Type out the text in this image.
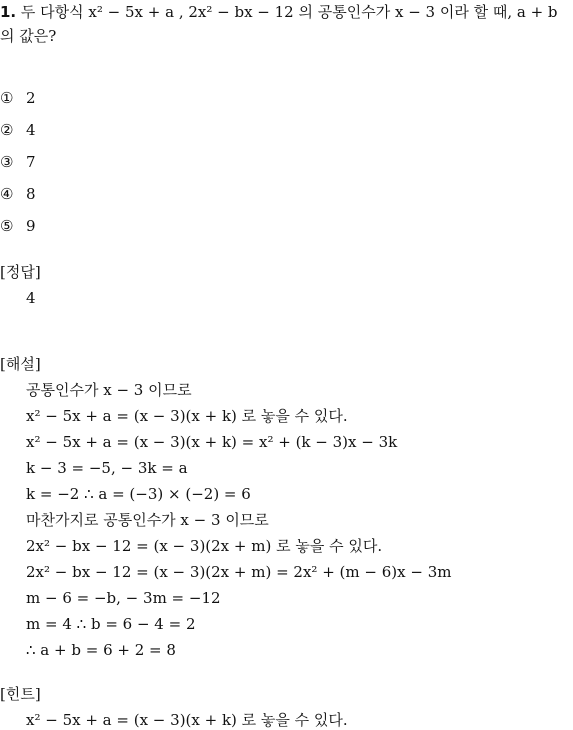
1. 두 다항식 x² − 5x + a , 2x² − bx − 12 의 공통인수가 x − 3 이라 할 때, a + b
의 값은?
① 2
② 4
③ 7
④ 8
⑤ 9
[정답]
4
[해설]
공통인수가 x − 3 이므로
x² − 5x + a = (x − 3)(x + k) 로 놓을 수 있다.
x² − 5x + a = (x − 3)(x + k) = x² + (k − 3)x − 3k
k − 3 = −5, − 3k = a
k = −2 ∴ a = (−3) × (−2) = 6
마찬가지로 공통인수가 x − 3 이므로
2x² − bx − 12 = (x − 3)(2x + m) 로 놓을 수 있다.
2x² − bx − 12 = (x − 3)(2x + m) = 2x² + (m − 6)x − 3m
m − 6 = −b, − 3m = −12
m = 4 ∴ b = 6 − 4 = 2
∴ a + b = 6 + 2 = 8
[힌트]
x² − 5x + a = (x − 3)(x + k) 로 놓을 수 있다.
